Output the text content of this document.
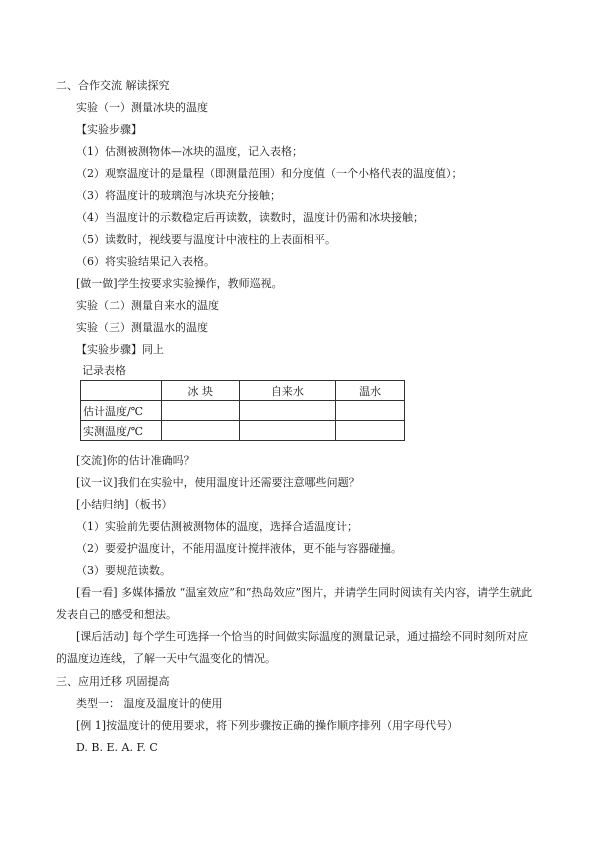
二、合作交流 解读探究
实验（一）测量冰块的温度
【实验步骤】
（1）估测被测物体—冰块的温度，记入表格；
（2）观察温度计的是量程（即测量范围）和分度值（一个小格代表的温度值）；
（3）将温度计的玻璃泡与冰块充分接触；
（4）当温度计的示数稳定后再读数，读数时，温度计仍需和冰块接触；
（5）读数时，视线要与温度计中液柱的上表面相平。
（6）将实验结果记入表格。
[做一做]学生按要求实验操作，教师巡视。
实验（二）测量自来水的温度
实验（三）测量温水的温度
【实验步骤】同上
记录表格
	冰 块	自来水	温水
估计温度/℃			
实测温度/℃			
[交流]你的估计准确吗？
[议一议]我们在实验中，使用温度计还需要注意哪些问题？
[小结归纳]（板书）
（1）实验前先要估测被测物体的温度，选择合适温度计；
（2）要爱护温度计，不能用温度计搅拌液体，更不能与容器碰撞。
（3）要规范读数。
[看一看] 多媒体播放 “温室效应”和“热岛效应”图片，并请学生同时阅读有关内容，请学生就此发表自己的感受和想法。
[课后活动] 每个学生可选择一个恰当的时间做实际温度的测量记录，通过描绘不同时刻所对应的温度边连线，了解一天中气温变化的情况。
三、应用迁移 巩固提高
类型一： 温度及温度计的使用
[例 1]按温度计的使用要求，将下列步骤按正确的操作顺序排列（用字母代号）
D. B. E. A. F. C
